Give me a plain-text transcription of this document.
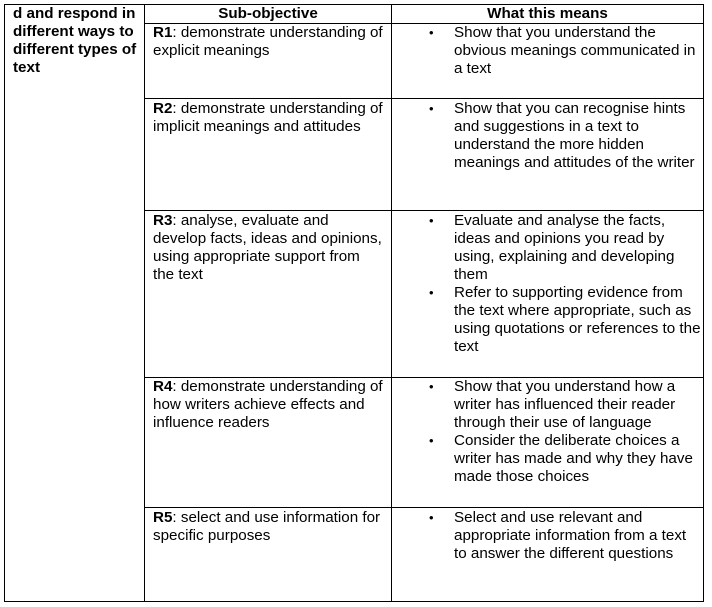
d and respond in different ways to different types of text
Sub-objective	What this means
R1: demonstrate understanding of explicit meanings
• Show that you understand the obvious meanings communicated in a text
R2: demonstrate understanding of implicit meanings and attitudes
• Show that you can recognise hints and suggestions in a text to understand the more hidden meanings and attitudes of the writer
R3: analyse, evaluate and develop facts, ideas and opinions, using appropriate support from the text
• Evaluate and analyse the facts, ideas and opinions you read by using, explaining and developing them
• Refer to supporting evidence from the text where appropriate, such as using quotations or references to the text
R4: demonstrate understanding of how writers achieve effects and influence readers
• Show that you understand how a writer has influenced their reader through their use of language
• Consider the deliberate choices a writer has made and why they have made those choices
R5: select and use information for specific purposes
• Select and use relevant and appropriate information from a text to answer the different questions
